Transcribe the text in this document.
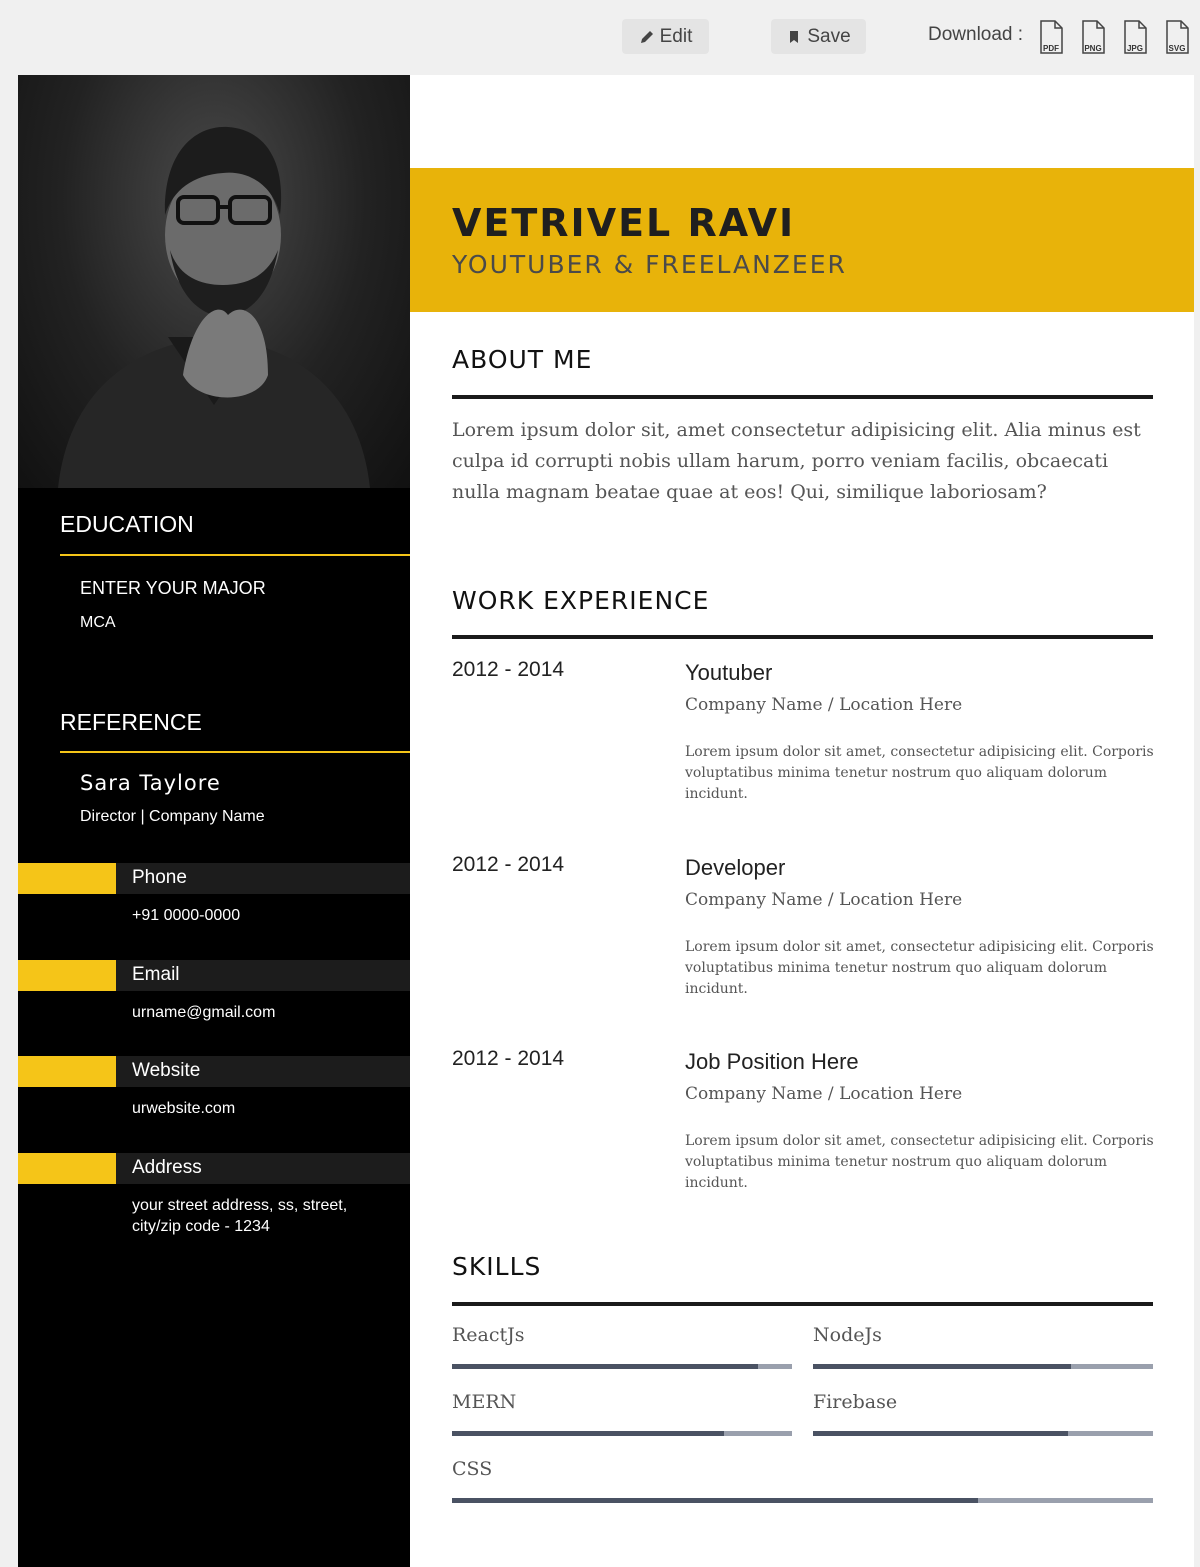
Edit	Save	Download :
PDF	PNG	JPG	SVG
EDUCATION
ENTER YOUR MAJOR
MCA
REFERENCE
Sara Taylore
Director | Company Name
Phone
+91 0000-0000
Email
urname@gmail.com
Website
urwebsite.com
Address
your street address, ss, street, city/zip code - 1234
VETRIVEL RAVI
YOUTUBER & FREELANZEER
ABOUT ME
Lorem ipsum dolor sit, amet consectetur adipisicing elit. Alia minus est culpa id corrupti nobis ullam harum, porro veniam facilis, obcaecati nulla magnam beatae quae at eos! Qui, similique laboriosam?
WORK EXPERIENCE
2012 - 2014	Youtuber
Company Name / Location Here
Lorem ipsum dolor sit amet, consectetur adipisicing elit. Corporis voluptatibus minima tenetur nostrum quo aliquam dolorum incidunt.
2012 - 2014	Developer
Company Name / Location Here
Lorem ipsum dolor sit amet, consectetur adipisicing elit. Corporis voluptatibus minima tenetur nostrum quo aliquam dolorum incidunt.
2012 - 2014	Job Position Here
Company Name / Location Here
Lorem ipsum dolor sit amet, consectetur adipisicing elit. Corporis voluptatibus minima tenetur nostrum quo aliquam dolorum incidunt.
SKILLS
ReactJs	NodeJs
MERN	Firebase
CSS
